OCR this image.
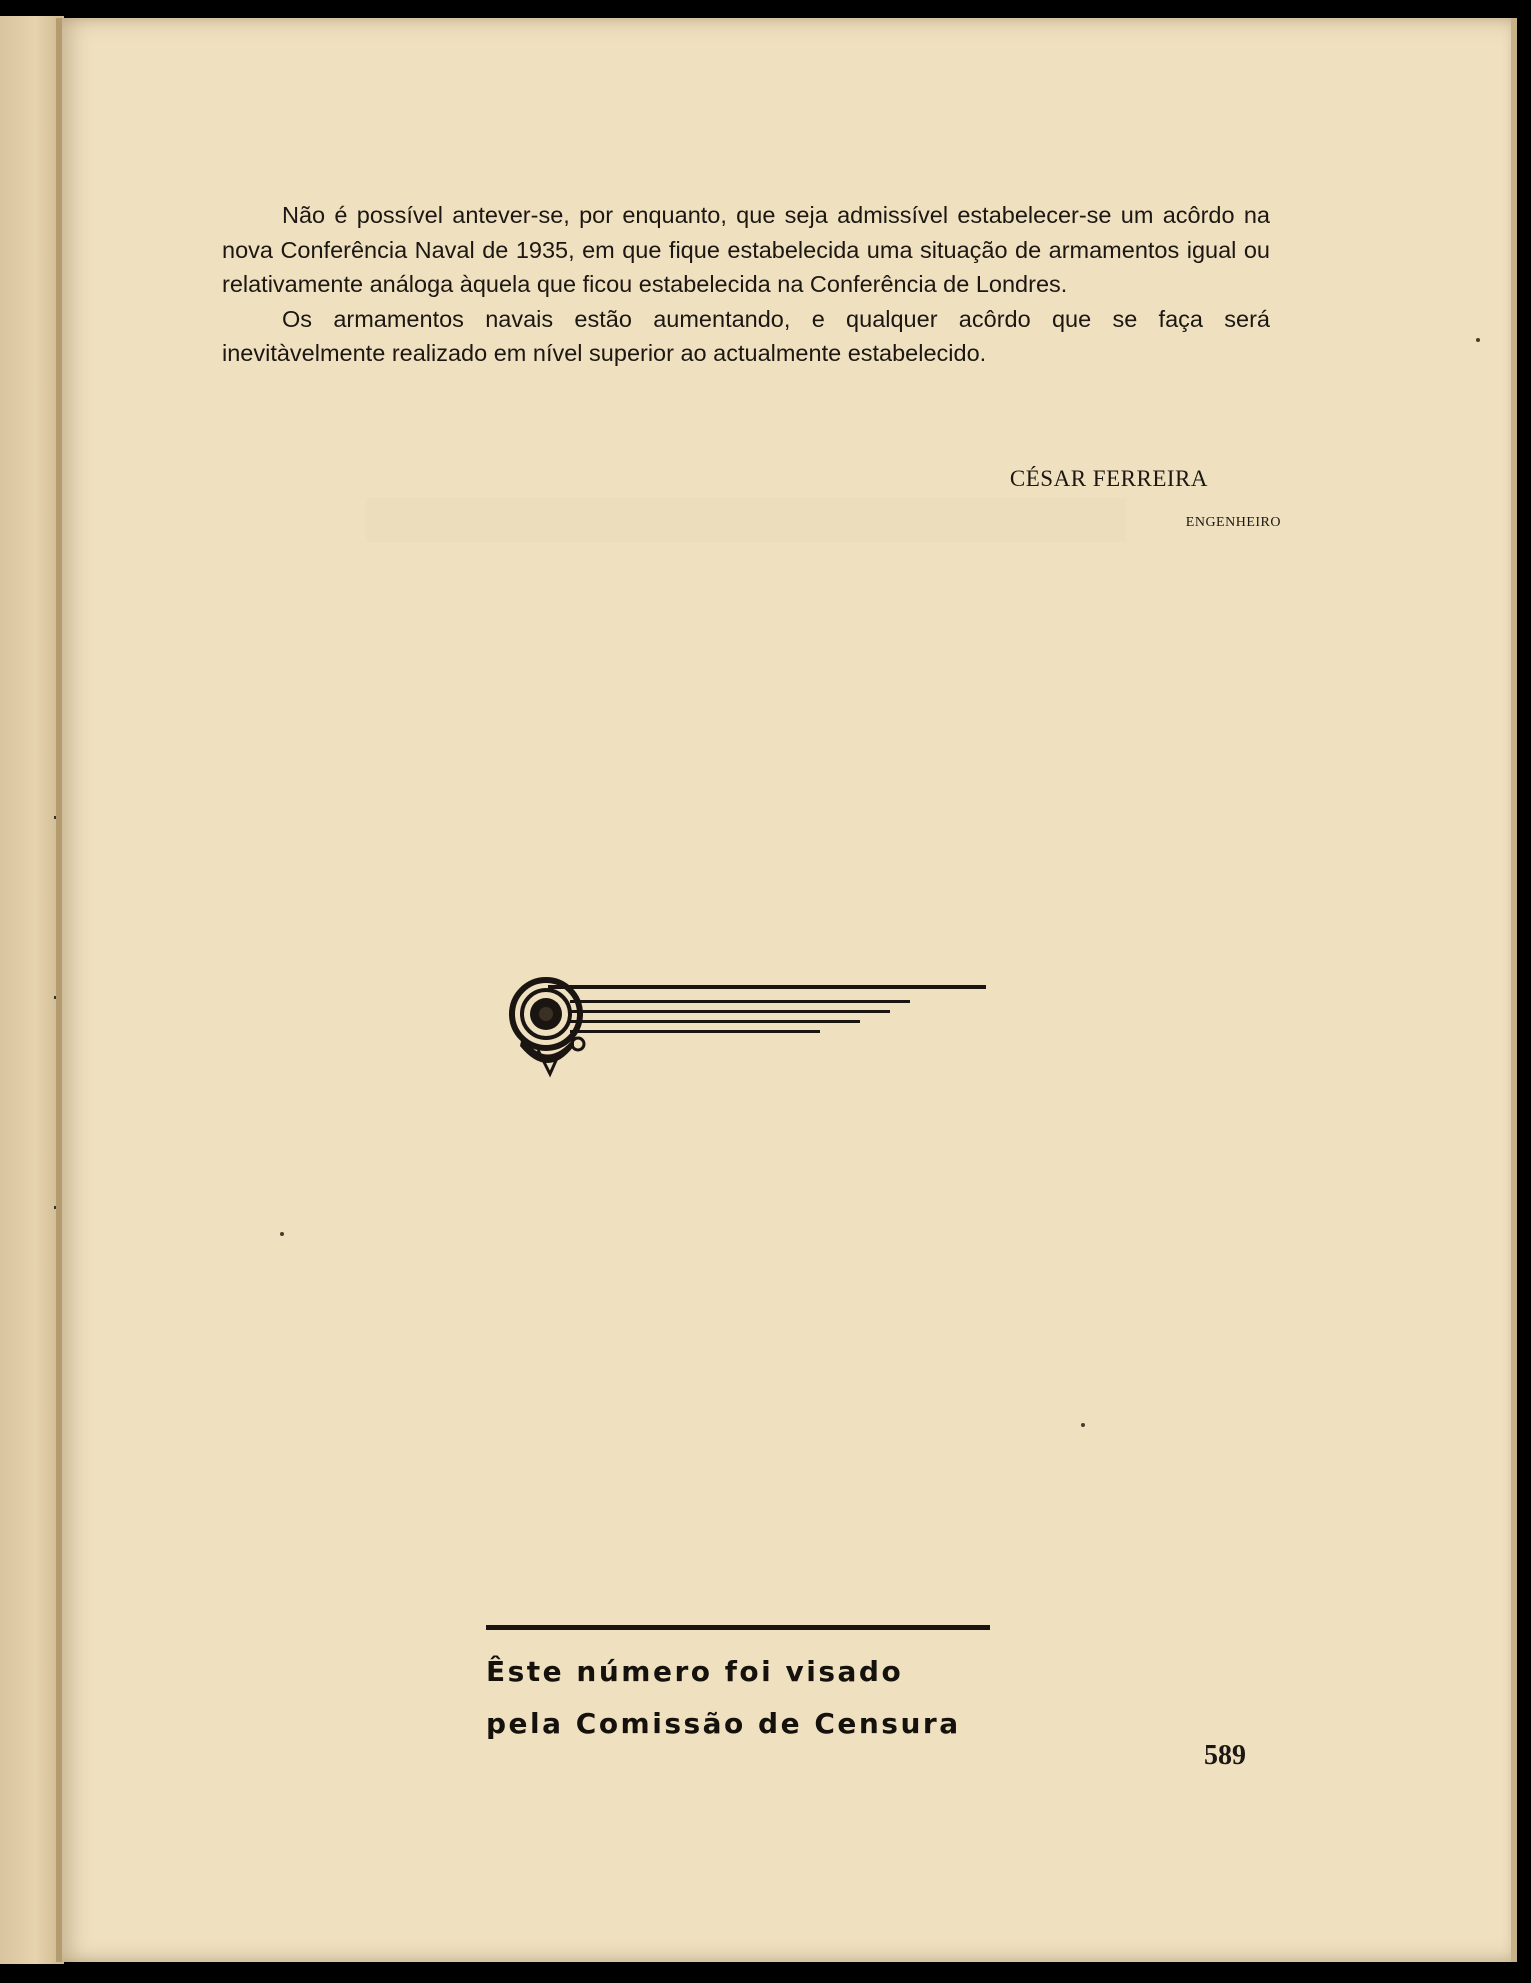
Não é possível antever-se, por enquanto, que seja admissível estabelecer-se um acôrdo na nova Conferência Naval de 1935, em que fique estabelecida uma situação de armamentos igual ou relativamente análoga àquela que ficou estabelecida na Conferência de Londres.

Os armamentos navais estão aumentando, e qualquer acôrdo que se faça será inevitàvelmente realizado em nível superior ao actualmente estabelecido.

CÉSAR FERREIRA
ENGENHEIRO
Êste número foi visado
pela Comissão de Censura
589
